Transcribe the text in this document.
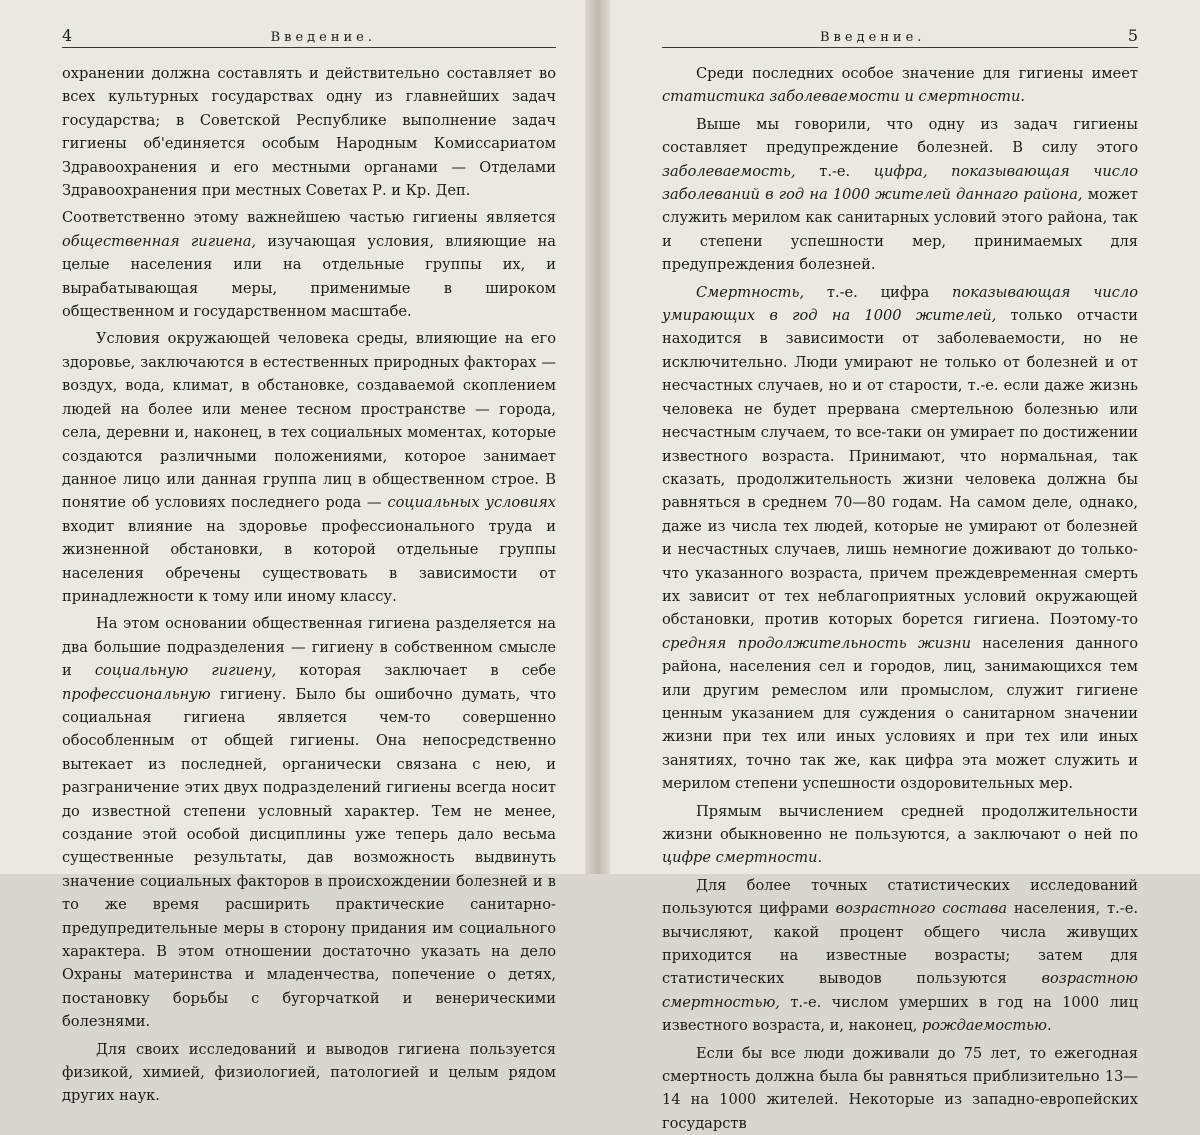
4	Введение.

охранении должна составлять и действительно составляет во всех культурных государствах одну из главнейших задач государства; в Советской Республике выполнение задач гигиены об'единяется особым Народным Комиссариатом Здравоохранения и его местными органами — Отделами Здравоохранения при местных Советах Р. и Кр. Деп.

Соответственно этому важнейшею частью гигиены является общественная гигиена, изучающая условия, влияющие на целые населения или на отдельные группы их, и вырабатывающая меры, применимые в широком общественном и государственном масштабе.

Условия окружающей человека среды, влияющие на его здоровье, заключаются в естественных природных факторах — воздух, вода, климат, в обстановке, создаваемой скоплением людей на более или менее тесном пространстве — города, села, деревни и, наконец, в тех социальных моментах, которые создаются различными положениями, которое занимает данное лицо или данная группа лиц в общественном строе. В понятие об условиях последнего рода — социальных условиях входит влияние на здоровье профессионального труда и жизненной обстановки, в которой отдельные группы населения обречены существовать в зависимости от принадлежности к тому или иному классу.

На этом основании общественная гигиена разделяется на два большие подразделения — гигиену в собственном смысле и социальную гигиену, которая заключает в себе профессиональную гигиену. Было бы ошибочно думать, что социальная гигиена является чем-то совершенно обособленным от общей гигиены. Она непосредственно вытекает из последней, органически связана с нею, и разграничение этих двух подразделений гигиены всегда носит до известной степени условный характер. Тем не менее, создание этой особой дисциплины уже теперь дало весьма существенные результаты, дав возможность выдвинуть значение социальных факторов в происхождении болезней и в то же время расширить практические санитарно-предупредительные меры в сторону придания им социального характера. В этом отношении достаточно указать на дело Охраны материнства и младенчества, попечение о детях, постановку борьбы с бугорчаткой и венерическими болезнями.

Для своих исследований и выводов гигиена пользуется физикой, химией, физиологией, патологией и целым рядом других наук.

Введение.	5

Среди последних особое значение для гигиены имеет статистика заболеваемости и смертности.

Выше мы говорили, что одну из задач гигиены составляет предупреждение болезней. В силу этого заболеваемость, т.-е. цифра, показывающая число заболеваний в год на 1000 жителей даннаго района, может служить мерилом как санитарных условий этого района, так и степени успешности мер, принимаемых для предупреждения болезней.

Смертность, т.-е. цифра показывающая число умирающих в год на 1000 жителей, только отчасти находится в зависимости от заболеваемости, но не исключительно. Люди умирают не только от болезней и от несчастных случаев, но и от старости, т.-е. если даже жизнь человека не будет прервана смертельною болезнью или несчастным случаем, то все-таки он умирает по достижении известного возраста. Принимают, что нормальная, так сказать, продолжительность жизни человека должна бы равняться в среднем 70—80 годам. На самом деле, однако, даже из числа тех людей, которые не умирают от болезней и несчастных случаев, лишь немногие доживают до только-что указанного возраста, причем преждевременная смерть их зависит от тех неблагоприятных условий окружающей обстановки, против которых борется гигиена. Поэтому-то средняя продолжительность жизни населения данного района, населения сел и городов, лиц, занимающихся тем или другим ремеслом или промыслом, служит гигиене ценным указанием для суждения о санитарном значении жизни при тех или иных условиях и при тех или иных занятиях, точно так же, как цифра эта может служить и мерилом степени успешности оздоровительных мер.

Прямым вычислением средней продолжительности жизни обыкновенно не пользуются, а заключают о ней по цифре смертности.

Для более точных статистических исследований пользуются цифрами возрастного состава населения, т.-е. вычисляют, какой процент общего числа живущих приходится на известные возрасты; затем для статистических выводов пользуются возрастною смертностью, т.-е. числом умерших в год на 1000 лиц известного возраста, и, наконец, рождаемостью.

Если бы все люди доживали до 75 лет, то ежегодная смертность должна была бы равняться приблизительно 13—14 на 1000 жителей. Некоторые из западно-европейских государств
